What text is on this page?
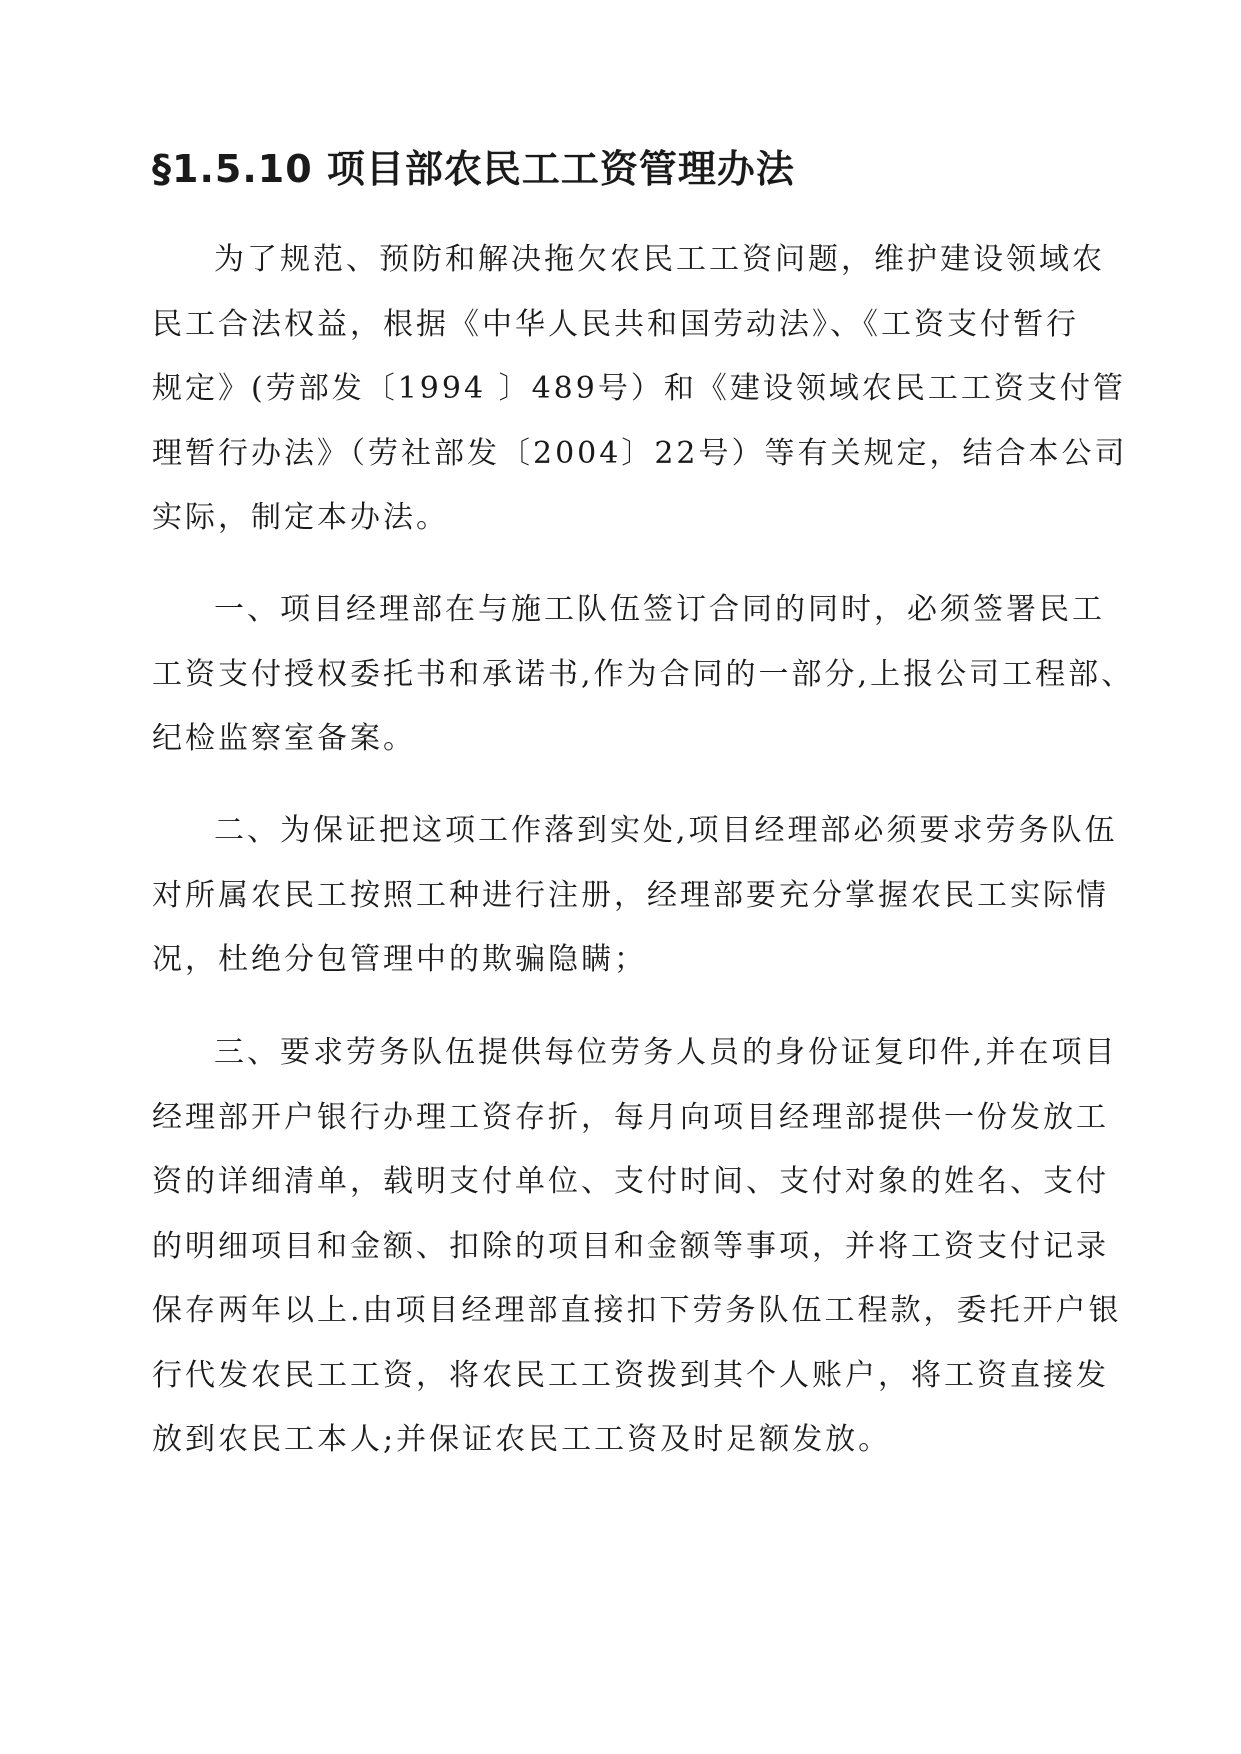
§1.5.10 项目部农民工工资管理办法
为了规范、预防和解决拖欠农民工工资问题，维护建设领域农
民工合法权益，根据《中华人民共和国劳动法》、《工资支付暂行
规定》(劳部发〔1994 〕489号）和《建设领域农民工工资支付管
理暂行办法》（劳社部发〔2004〕22号）等有关规定，结合本公司
实际，制定本办法。
一、项目经理部在与施工队伍签订合同的同时，必须签署民工
工资支付授权委托书和承诺书,作为合同的一部分,上报公司工程部、
纪检监察室备案。
二、为保证把这项工作落到实处,项目经理部必须要求劳务队伍
对所属农民工按照工种进行注册，经理部要充分掌握农民工实际情
况，杜绝分包管理中的欺骗隐瞒；
三、要求劳务队伍提供每位劳务人员的身份证复印件,并在项目
经理部开户银行办理工资存折，每月向项目经理部提供一份发放工
资的详细清单，载明支付单位、支付时间、支付对象的姓名、支付
的明细项目和金额、扣除的项目和金额等事项，并将工资支付记录
保存两年以上.由项目经理部直接扣下劳务队伍工程款，委托开户银
行代发农民工工资，将农民工工资拨到其个人账户，将工资直接发
放到农民工本人;并保证农民工工资及时足额发放。
